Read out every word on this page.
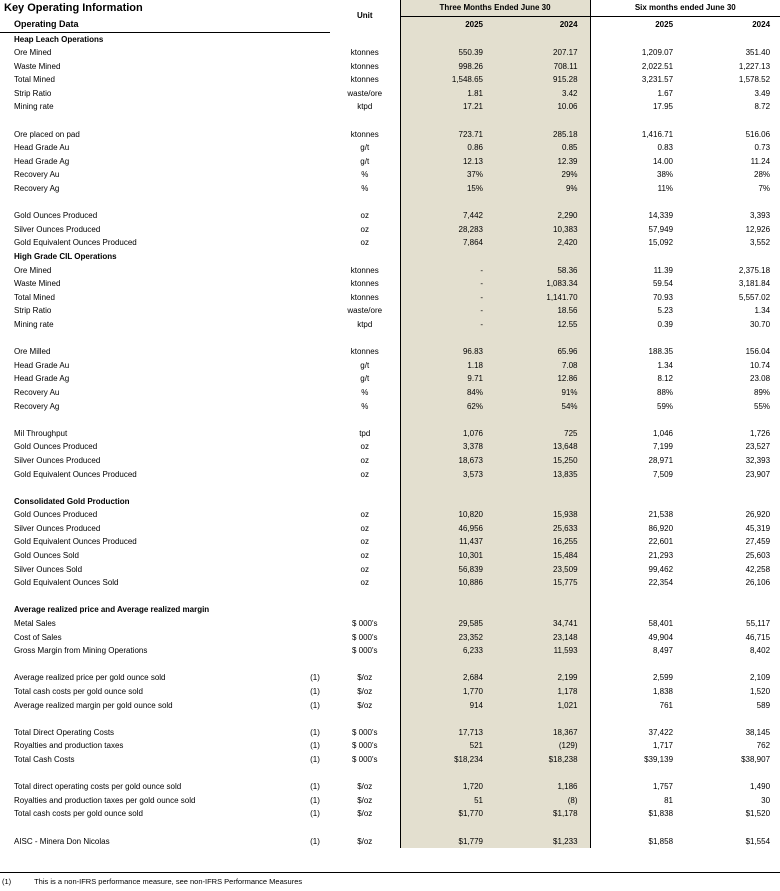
Key Operating Information		Unit	Three Months Ended June 30		Six months ended June 30	
Operating Data			2025	2024	2025	2024
Heap Leach Operations						
Ore Mined		ktonnes	550.39	207.17	1,209.07	351.40
Waste Mined		ktonnes	998.26	708.11	2,022.51	1,227.13
Total Mined		ktonnes	1,548.65	915.28	3,231.57	1,578.52
Strip Ratio		waste/ore	1.81	3.42	1.67	3.49
Mining rate		ktpd	17.21	10.06	17.95	8.72

Ore placed on pad		ktonnes	723.71	285.18	1,416.71	516.06
Head Grade Au		g/t	0.86	0.85	0.83	0.73
Head Grade Ag		g/t	12.13	12.39	14.00	11.24
Recovery Au		%	37%	29%	38%	28%
Recovery Ag		%	15%	9%	11%	7%

Gold Ounces Produced		oz	7,442	2,290	14,339	3,393
Silver Ounces Produced		oz	28,283	10,383	57,949	12,926
Gold Equivalent Ounces Produced		oz	7,864	2,420	15,092	3,552
High Grade CIL Operations						
Ore Mined		ktonnes	-	58.36	11.39	2,375.18
Waste Mined		ktonnes	-	1,083.34	59.54	3,181.84
Total Mined		ktonnes	-	1,141.70	70.93	5,557.02
Strip Ratio		waste/ore	-	18.56	5.23	1.34
Mining rate		ktpd	-	12.55	0.39	30.70

Ore Milled		ktonnes	96.83	65.96	188.35	156.04
Head Grade Au		g/t	1.18	7.08	1.34	10.74
Head Grade Ag		g/t	9.71	12.86	8.12	23.08
Recovery Au		%	84%	91%	88%	89%
Recovery Ag		%	62%	54%	59%	55%

Mil Throughput		tpd	1,076	725	1,046	1,726
Gold Ounces Produced		oz	3,378	13,648	7,199	23,527
Silver Ounces Produced		oz	18,673	15,250	28,971	32,393
Gold Equivalent Ounces Produced		oz	3,573	13,835	7,509	23,907

Consolidated Gold Production						
Gold Ounces Produced		oz	10,820	15,938	21,538	26,920
Silver Ounces Produced		oz	46,956	25,633	86,920	45,319
Gold Equivalent Ounces Produced		oz	11,437	16,255	22,601	27,459
Gold Ounces Sold		oz	10,301	15,484	21,293	25,603
Silver Ounces Sold		oz	56,839	23,509	99,462	42,258
Gold Equivalent Ounces Sold		oz	10,886	15,775	22,354	26,106

Average realized price and Average realized margin						
Metal Sales		$ 000's	29,585	34,741	58,401	55,117
Cost of Sales		$ 000's	23,352	23,148	49,904	46,715
Gross Margin from Mining Operations		$ 000's	6,233	11,593	8,497	8,402

Average realized price per gold ounce sold	(1)	$/oz	2,684	2,199	2,599	2,109
Total cash costs per gold ounce sold	(1)	$/oz	1,770	1,178	1,838	1,520
Average realized margin per gold ounce sold	(1)	$/oz	914	1,021	761	589

Total Direct Operating Costs	(1)	$ 000's	17,713	18,367	37,422	38,145
Royalties and production taxes	(1)	$ 000's	521	(129)	1,717	762
Total Cash Costs	(1)	$ 000's	$18,234	$18,238	$39,139	$38,907

Total direct operating costs per gold ounce sold	(1)	$/oz	1,720	1,186	1,757	1,490
Royalties and production taxes per gold ounce sold	(1)	$/oz	51	(8)	81	30
Total cash costs per gold ounce sold	(1)	$/oz	$1,770	$1,178	$1,838	$1,520

AISC - Minera Don Nicolas	(1)	$/oz	$1,779	$1,233	$1,858	$1,554
(1)	This is a non-IFRS performance measure, see non-IFRS Performance Measures
